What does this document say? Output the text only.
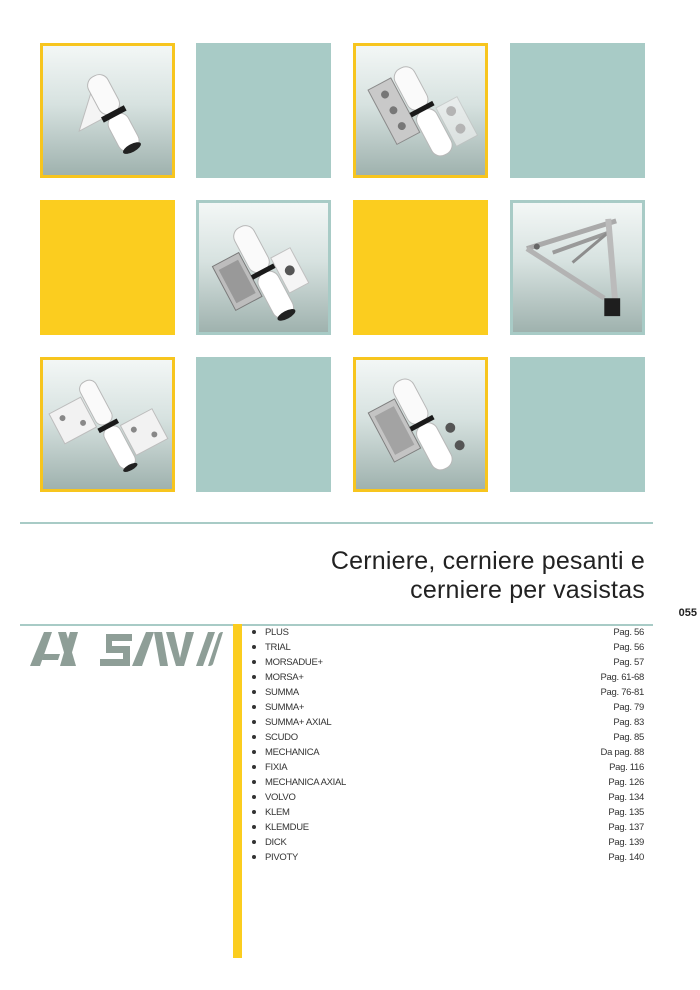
Cerniere, cerniere pesanti e
cerniere per vasistas
055
PLUS	Pag. 56
TRIAL	Pag. 56
MORSADUE+	Pag. 57
MORSA+	Pag. 61-68
SUMMA	Pag. 76-81
SUMMA+	Pag. 79
SUMMA+ AXIAL	Pag. 83
SCUDO	Pag. 85
MECHANICA	Da pag. 88
FIXIA	Pag. 116
MECHANICA AXIAL	Pag. 126
VOLVO	Pag. 134
KLEM	Pag. 135
KLEMDUE	Pag. 137
DICK	Pag. 139
PIVOTY	Pag. 140
